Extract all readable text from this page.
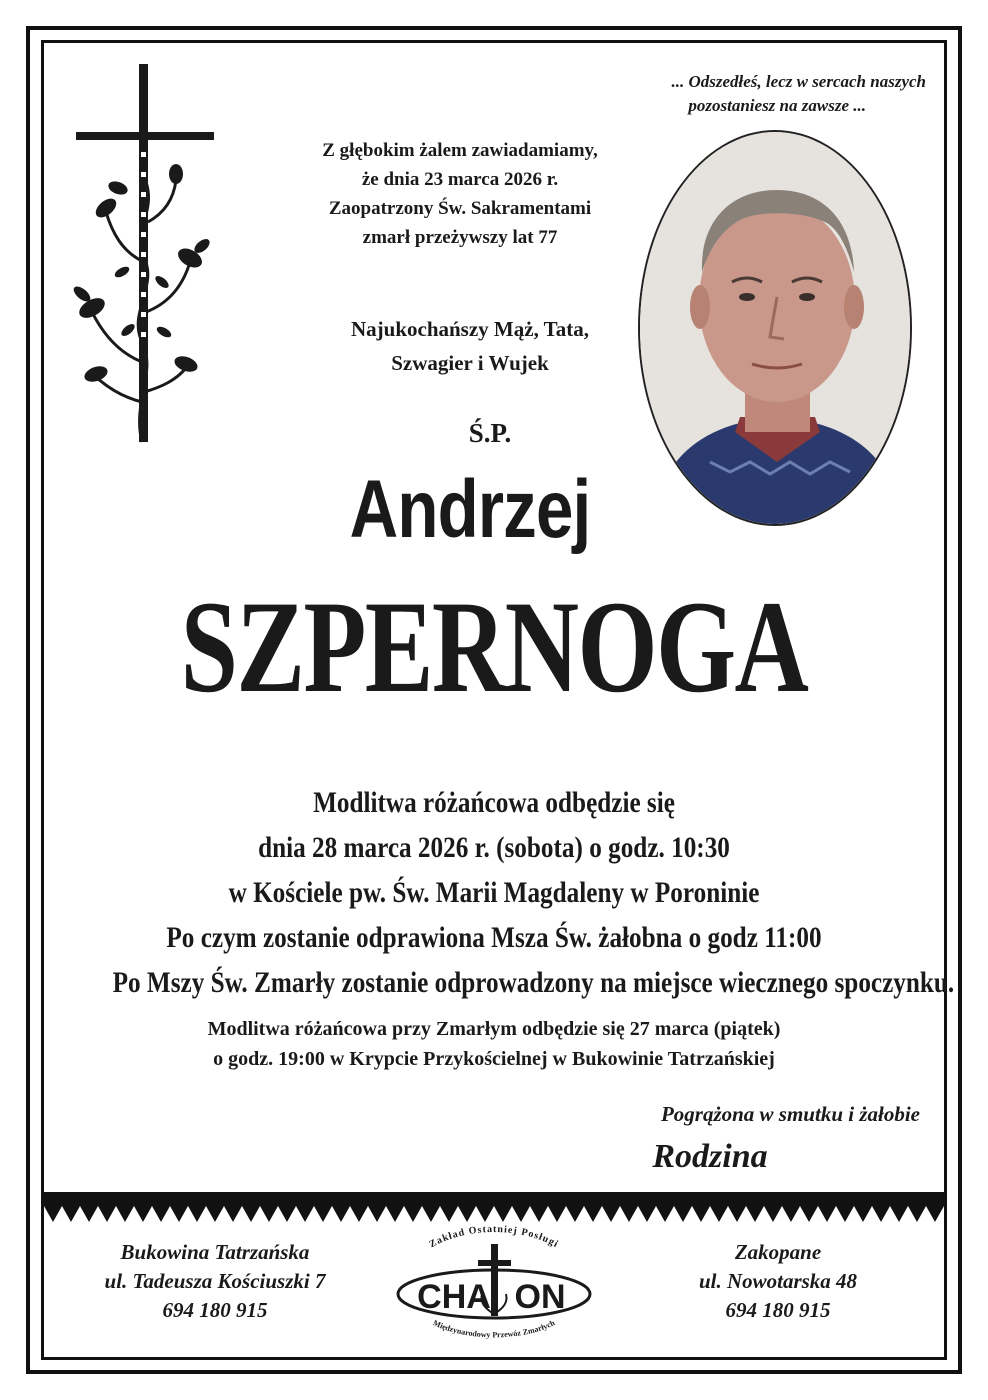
... Odszedłeś, lecz w sercach naszych
pozostaniesz na zawsze ...
Z głębokim żalem zawiadamiamy,
że dnia 23 marca 2026 r.
Zaopatrzony Św. Sakramentami
zmarł przeżywszy lat 77
Najukochańszy Mąż, Tata,
Szwagier i Wujek
Ś.P.
Andrzej
SZPERNOGA
Modlitwa różańcowa odbędzie się
dnia 28 marca 2026 r. (sobota) o godz. 10:30
w Kościele pw. Św. Marii Magdaleny w Poroninie
Po czym zostanie odprawiona Msza Św. żałobna o godz 11:00
Po Mszy Św. Zmarły zostanie odprowadzony na miejsce wiecznego spoczynku.
Modlitwa różańcowa przy Zmarłym odbędzie się 27 marca (piątek)
o godz. 19:00 w Krypcie Przykościelnej w Bukowinie Tatrzańskiej
Pogrążona w smutku i żałobie
Rodzina
Bukowina Tatrzańska
ul. Tadeusza Kościuszki 7
694 180 915
Zakład Ostatniej Posługi
CHA ON
Międzynarodowy Przewóz Zmarłych
Zakopane
ul. Nowotarska 48
694 180 915
